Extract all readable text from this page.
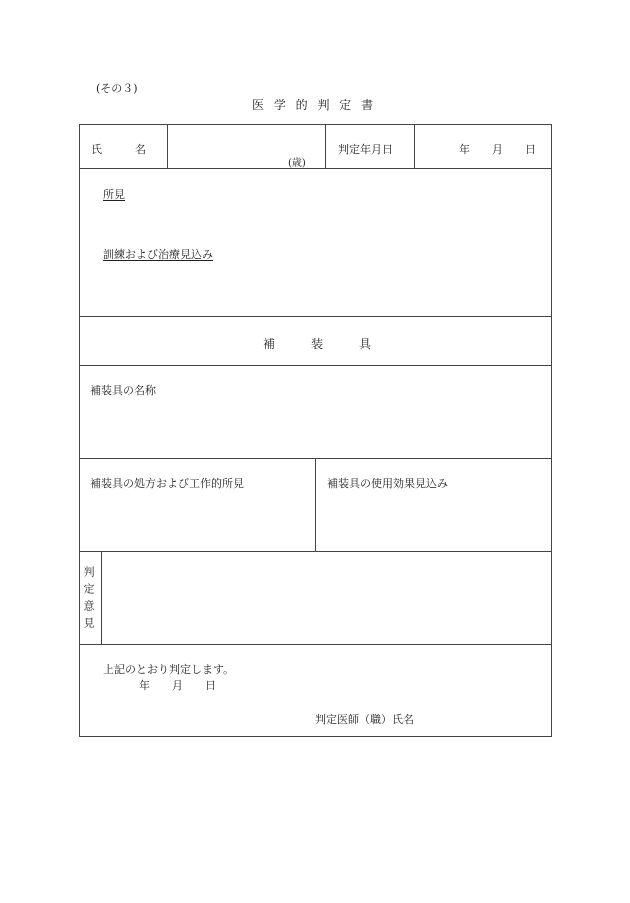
(その３)
医 学 的 判 定 書
氏　　　名
(歳)
判定年月日	年　　月　　日
所見
訓練および治療見込み
補　　　装　　　具
補装具の名称
補装具の処方および工作的所見	補装具の使用効果見込み
判定意見
上記のとおり判定します。
年　　月　　日
判定医師（職）氏名
